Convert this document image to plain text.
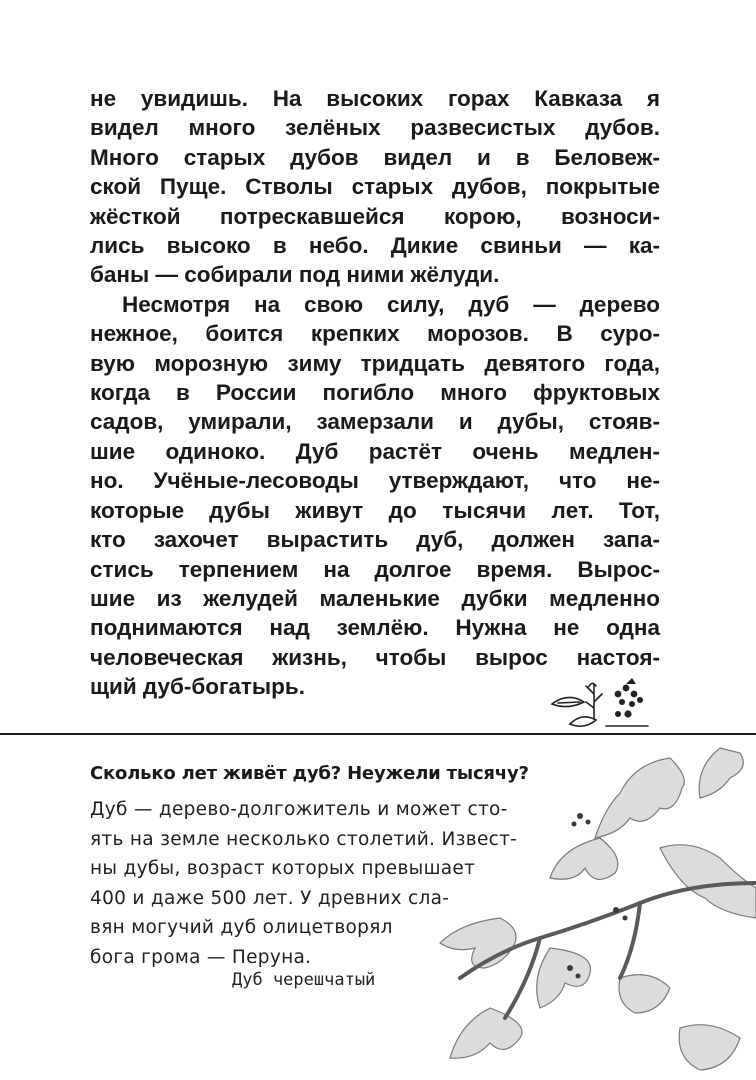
не увидишь. На высоких горах Кавказа я
видел много зелёных развесистых дубов.
Много старых дубов видел и в Беловеж-
ской Пуще. Стволы старых дубов, покрытые
жёсткой потрескавшейся корою, возноси-
лись высоко в небо. Дикие свиньи — ка-
баны — собирали под ними жёлуди.
Несмотря на свою силу, дуб — дерево
нежное, боится крепких морозов. В суро-
вую морозную зиму тридцать девятого года,
когда в России погибло много фруктовых
садов, умирали, замерзали и дубы, стояв-
шие одиноко. Дуб растёт очень медлен-
но. Учёные-лесоводы утверждают, что не-
которые дубы живут до тысячи лет. Тот,
кто захочет вырастить дуб, должен запа-
стись терпением на долгое время. Вырос-
шие из желудей маленькие дубки медленно
поднимаются над землёю. Нужна не одна
человеческая жизнь, чтобы вырос настоя-
щий дуб-богатырь.
Сколько лет живёт дуб? Неужели тысячу?
Дуб — дерево-долгожитель и может сто-
ять на земле несколько столетий. Извест-
ны дубы, возраст которых превышает
400 и даже 500 лет. У древних сла-
вян могучий дуб олицетворял
бога грома — Перуна.
Дуб черешчатый
